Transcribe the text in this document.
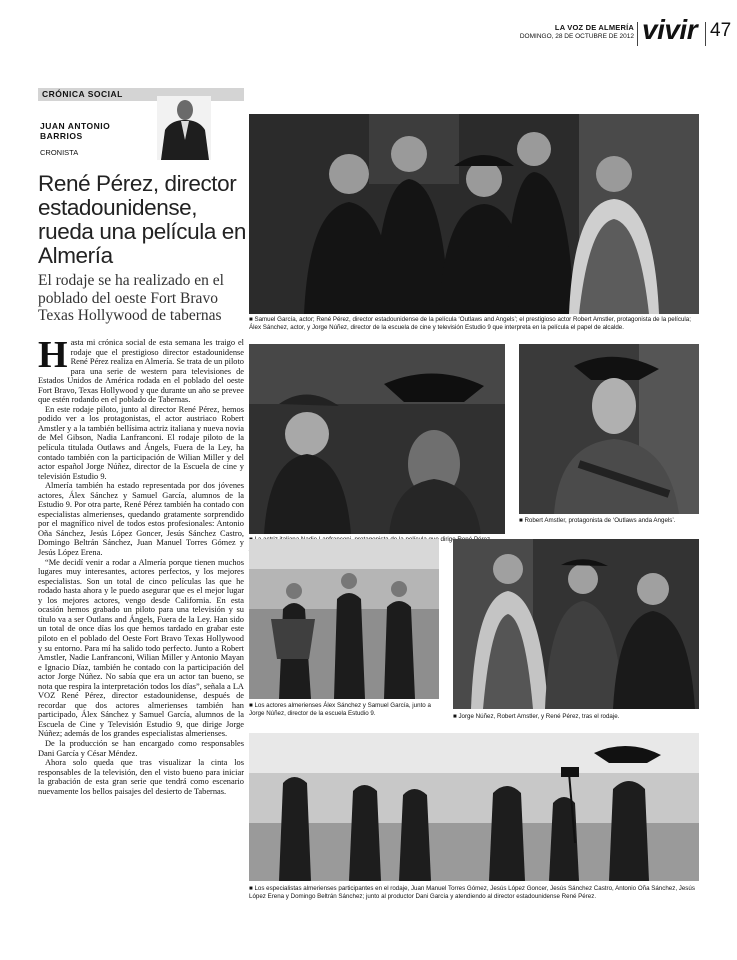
LA VOZ DE ALMERÍA
DOMINGO, 28 DE OCTUBRE DE 2012 vivir 47
CRÓNICA SOCIAL
JUAN ANTONIO BARRIOS
CRONISTA
René Pérez, director estadounidense, rueda una película en Almería
El rodaje se ha realizado en el poblado del oeste Fort Bravo Texas Hollywood de tabernas

Hasta mi crónica social de esta semana les traigo el rodaje que el prestigioso director estadounidense René Pérez realiza en Almería. Se trata de un piloto para una serie de western para televisiones de Estados Unidos de América rodada en el poblado del oeste Fort Bravo, Texas Hollywood y que durante un año se prevee que estén rodando en el poblado de Tabernas.

En este rodaje piloto, junto al director René Pérez, hemos podido ver a los protagonistas, el actor austriaco Robert Amstler y a la también bellísima actriz italiana y nueva novia de Mel Gibson, Nadia Lanfranconi. El rodaje piloto de la película titulada Outlaws and Ángels, Fuera de la Ley, ha contado también con la participación de Wilian Miller y del actor español Jorge Núñez, director de la Escuela de cine y televisión Estudio 9.

Almería también ha estado representada por dos jóvenes actores, Álex Sánchez y Samuel García, alumnos de la Estudio 9. Por otra parte, René Pérez también ha contado con especialistas almerienses, quedando gratamente sorprendido por el magnífico nivel de todos estos profesionales: Antonio Oña Sánchez, Jesús López Goncer, Jesús Sánchez Castro, Domingo Beltrán Sánchez, Juan Manuel Torres Gómez y Jesús López Erena.

“Me decidí venir a rodar a Almería porque tienen muchos lugares muy interesantes, actores perfectos, y los mejores especialistas. Son un total de cinco películas las que he rodado hasta ahora y le puedo asegurar que es el mejor lugar y los mejores actores, vengo desde California. En esta ocasión hemos grabado un piloto para una televisión y su título va a ser Outlans and Ángels, Fuera de la Ley. Han sido un total de once días los que hemos tardado en grabar este piloto en el poblado del Oeste Fort Bravo Texas Hollywood y su entorno. Para mí ha salido todo perfecto. Junto a Robert Amstler, Nadie Lanfranconi, Wilian Miller y Antonio Mayan e Ignacio Díaz, también he contado con la participación del actor Jorge Núñez. No sabía que era un actor tan bueno, se nota que respira la interpretación todos los días”, señala a LA VOZ René Pérez, director estadounidense, después de recordar que dos actores almerienses también han participado, Álex Sánchez y Samuel García, alumnos de la Escuela de Cine y Televisión Estudio 9, que dirige Jorge Núñez; además de los grandes especialistas almerienses.

De la producción se han encargado como responsables Dani García y César Méndez.

Ahora solo queda que tras visualizar la cinta los responsables de la televisión, den el visto bueno para iniciar la grabación de esta gran serie que tendrá como escenario nuevamente los bellos paisajes del desierto de Tabernas.

■ Samuel García, actor; René Pérez, director estadounidense de la película ‘Outlaws and Angels’; el prestigioso actor Robert Amstler, protagonista de la película; Álex Sánchez, actor, y Jorge Núñez, director de la escuela de cine y televisión Estudio 9 que interpreta en la película el papel de alcalde.
dirige
■ Robert Amstler, protagonista de ‘Outlaws anda Angels’.
■ Los actores almerienses Álex Sánchez y Samuel García, junto a Jorge Núñez, director de la escuela Estudio 9.	■ Jorge Núñez, Robert Amstler, y René Pérez, tras el rodaje.
■ Los especialistas almerienses participantes en el rodaje, Juan Manuel Torres Gómez, Jesús López Goncer, Jesús Sánchez Castro, Antonio Oña Sánchez, Jesús López Erena y Domingo Beltrán Sánchez; junto al productor Dani García y atendiendo al director estadounidense René Pérez.
